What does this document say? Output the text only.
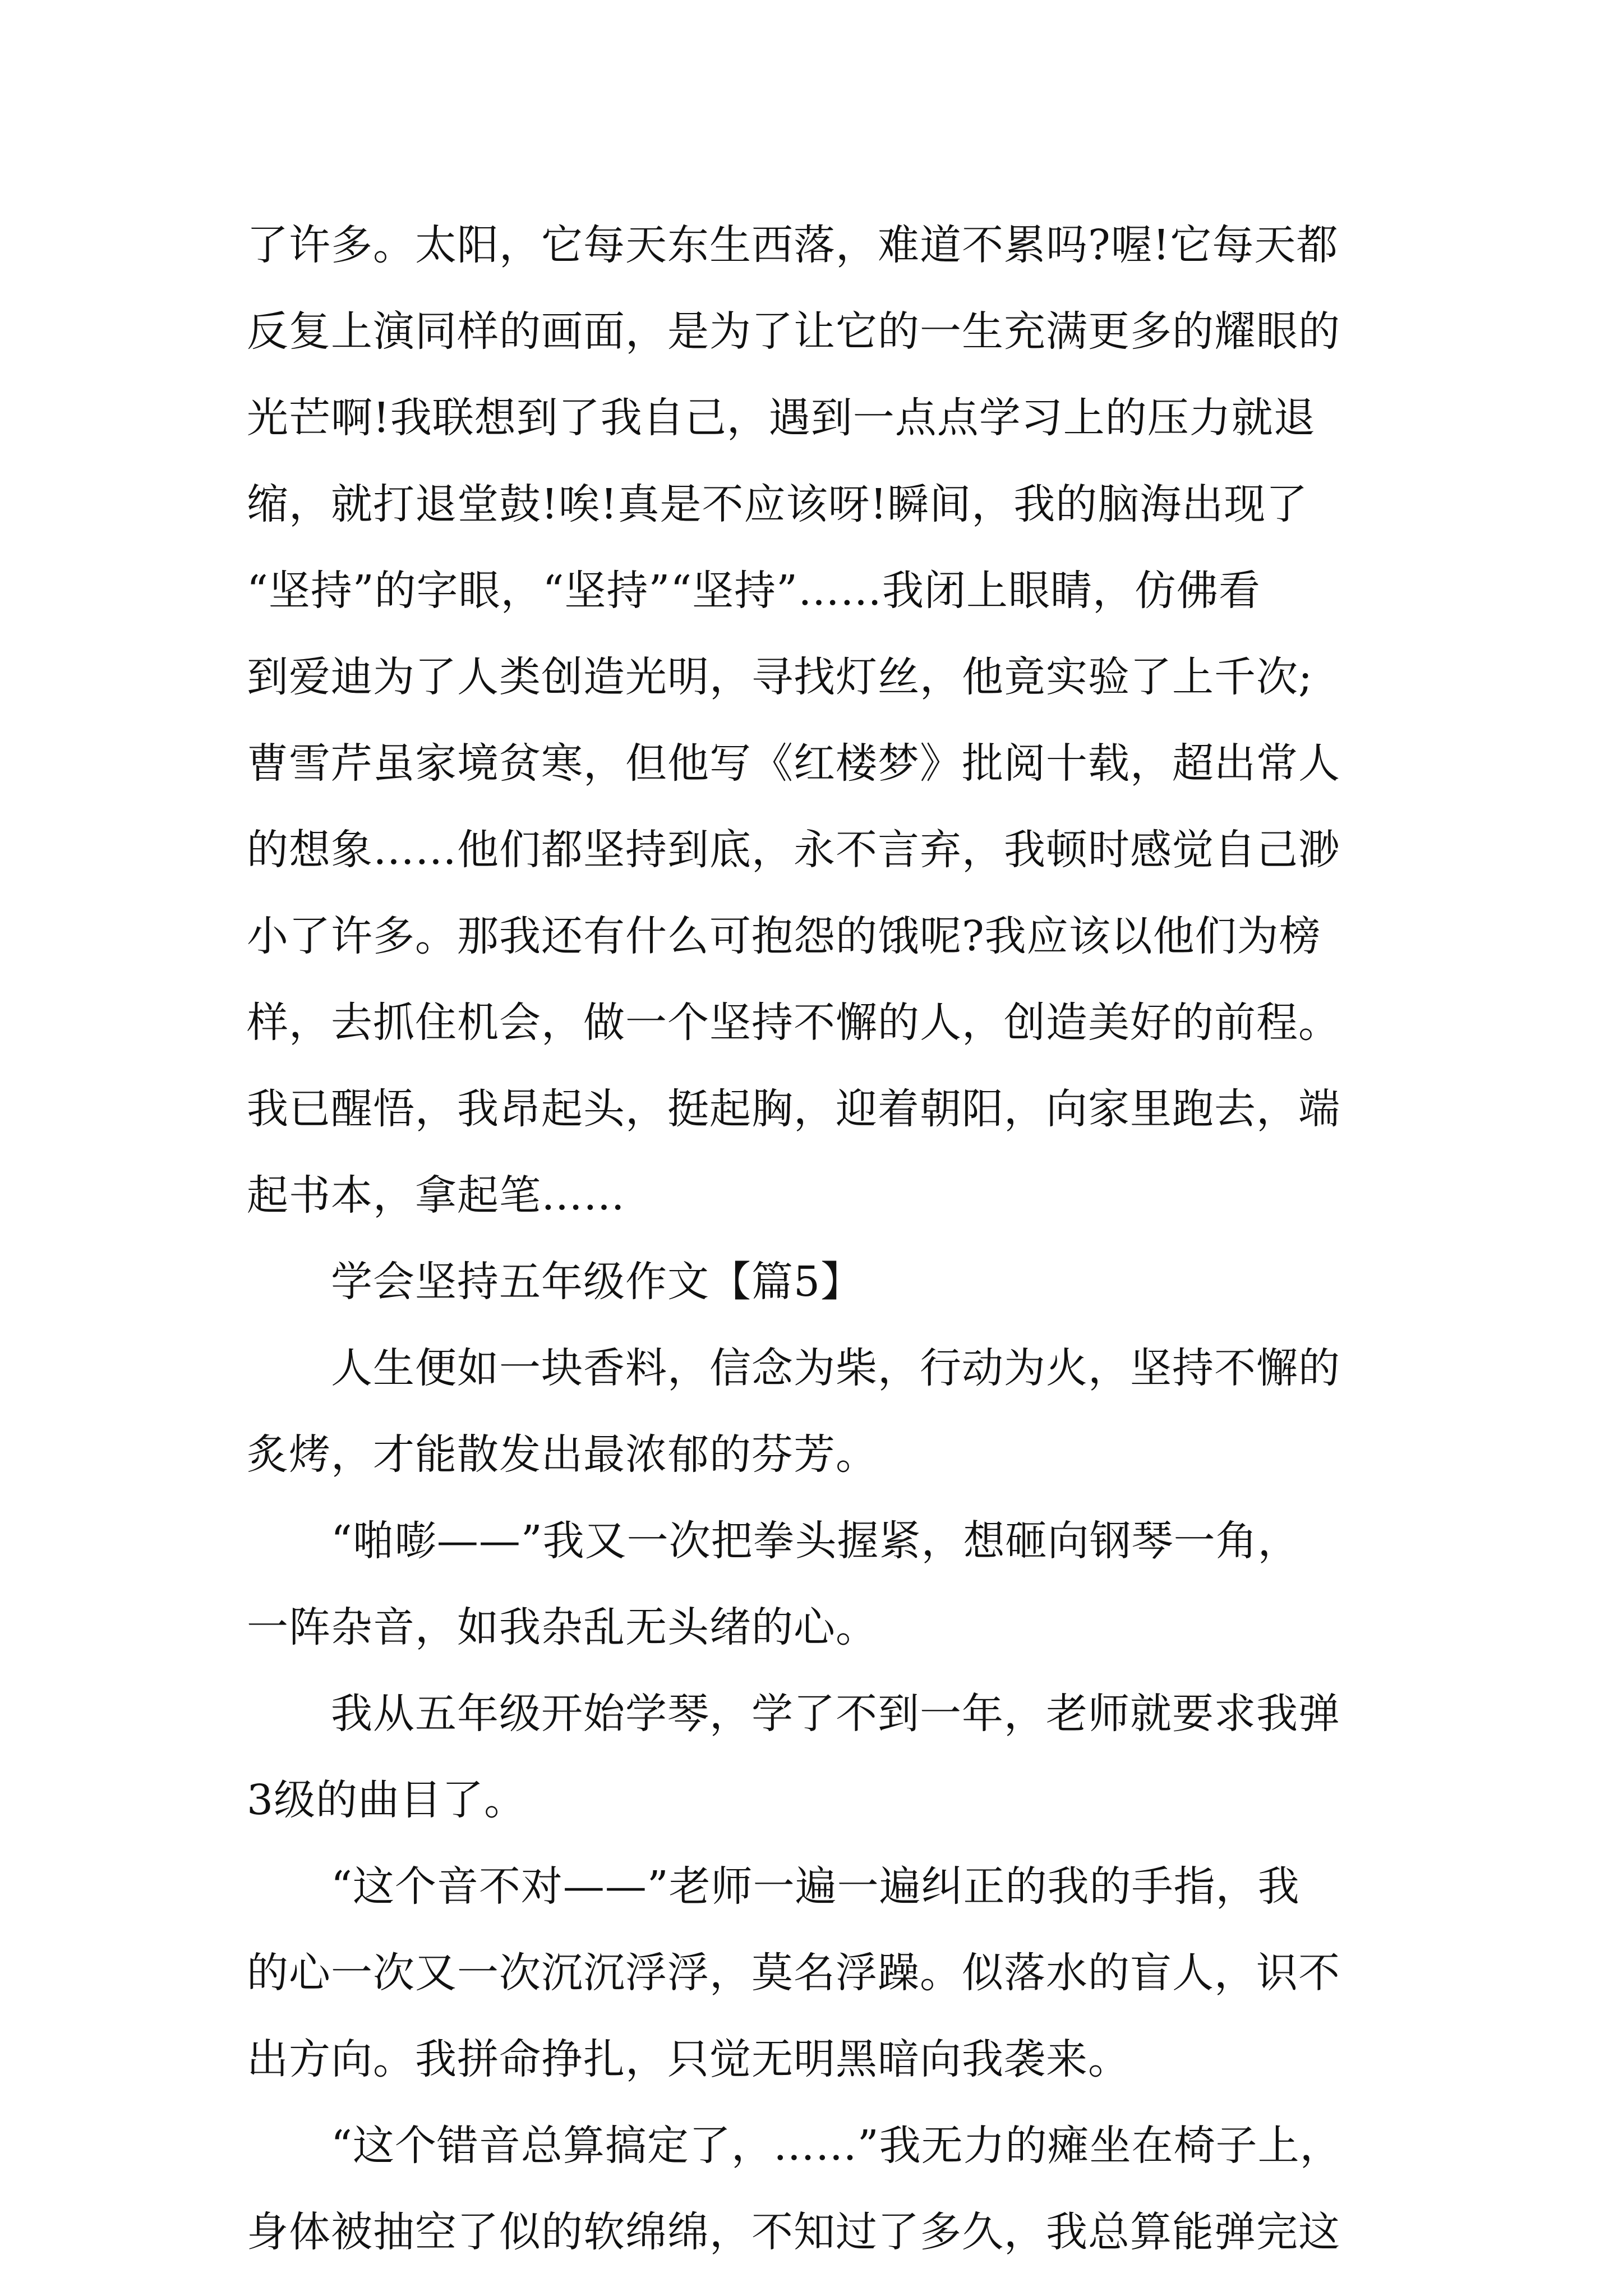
了许多。太阳，它每天东生西落，难道不累吗?喔!它每天都
反复上演同样的画面，是为了让它的一生充满更多的耀眼的
光芒啊!我联想到了我自己，遇到一点点学习上的压力就退
缩，就打退堂鼓!唉!真是不应该呀!瞬间，我的脑海出现了
“坚持”的字眼，“坚持”“坚持”……我闭上眼睛，仿佛看
到爱迪为了人类创造光明，寻找灯丝，他竟实验了上千次;
曹雪芹虽家境贫寒，但他写《红楼梦》批阅十载，超出常人
的想象……他们都坚持到底，永不言弃，我顿时感觉自己渺
小了许多。那我还有什么可抱怨的饿呢?我应该以他们为榜
样，去抓住机会，做一个坚持不懈的人，创造美好的前程。
我已醒悟，我昂起头，挺起胸，迎着朝阳，向家里跑去，端
起书本，拿起笔……
学会坚持五年级作文【篇5】
人生便如一块香料，信念为柴，行动为火，坚持不懈的
炙烤，才能散发出最浓郁的芬芳。
“啪嘭——”我又一次把拳头握紧，想砸向钢琴一角，
一阵杂音，如我杂乱无头绪的心。
我从五年级开始学琴，学了不到一年，老师就要求我弹
3级的曲目了。
“这个音不对——”老师一遍一遍纠正的我的手指，我
的心一次又一次沉沉浮浮，莫名浮躁。似落水的盲人，识不
出方向。我拼命挣扎，只觉无明黑暗向我袭来。
“这个错音总算搞定了，……”我无力的瘫坐在椅子上，
身体被抽空了似的软绵绵，不知过了多久，我总算能弹完这
